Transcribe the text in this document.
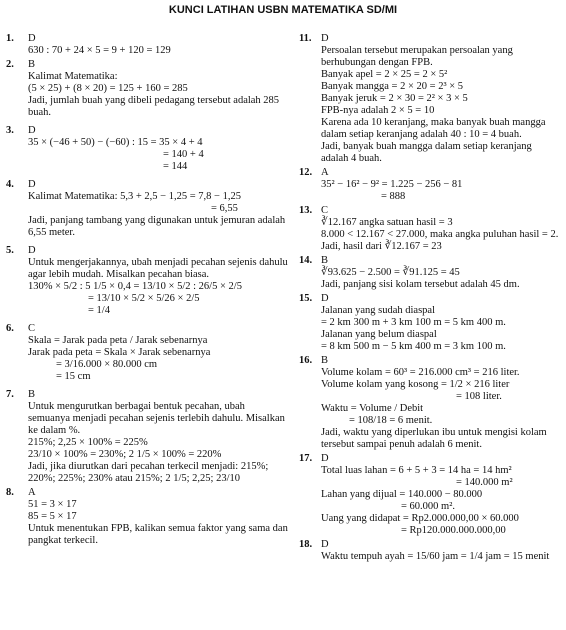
KUNCI LATIHAN USBN MATEMATIKA SD/MI
1. D
630 : 70 + 24 × 5 = 9 + 120 = 129
2. B
Kalimat Matematika:
(5 × 25) + (8 × 20) = 125 + 160 = 285
Jadi, jumlah buah yang dibeli pedagang tersebut adalah 285 buah.
3. D
35 × (−46 + 50) − (−60) : 15 = 35 × 4 + 4
= 140 + 4
= 144
4. D
Kalimat Matematika: 5,3 + 2,5 − 1,25 = 7,8 − 1,25
= 6,55
Jadi, panjang tambang yang digunakan untuk jemuran adalah 6,55 meter.
5. D
Untuk mengerjakannya, ubah menjadi pecahan sejenis dahulu agar lebih mudah. Misalkan pecahan biasa.
130% × 5/2 : 5 1/5 × 0,4 = 13/10 × 5/2 : 26/5 × 2/5
= 13/10 × 5/2 × 5/26 × 2/5
= 1/4
6. C
Skala = Jarak pada peta / Jarak sebenarnya
Jarak pada peta = Skala × Jarak sebenarnya
= 3/16.000 × 80.000 cm
= 15 cm
7. B
Untuk mengurutkan berbagai bentuk pecahan, ubah semuanya menjadi pecahan sejenis terlebih dahulu. Misalkan ke dalam %.
215%; 2,25 × 100% = 225%
23/10 × 100% = 230%; 2 1/5 × 100% = 220%
Jadi, jika diurutkan dari pecahan terkecil menjadi: 215%; 220%; 225%; 230% atau 215%; 2 1/5; 2,25; 23/10
8. A
51 = 3 × 17
85 = 5 × 17
Untuk menentukan FPB, kalikan semua faktor yang sama dan pangkat terkecil.
11. D
Persoalan tersebut merupakan persoalan yang berhubungan dengan FPB.
Banyak apel = 2 × 25 = 2 × 5²
Banyak mangga = 2 × 20 = 2³ × 5
Banyak jeruk = 2 × 30 = 2² × 3 × 5
FPB-nya adalah 2 × 5 = 10
Karena ada 10 keranjang, maka banyak buah mangga dalam setiap keranjang adalah 40 : 10 = 4 buah.
Jadi, banyak buah mangga dalam setiap keranjang adalah 4 buah.
12. A
35² − 16² − 9² = 1.225 − 256 − 81
= 888
13. C
∛12.167 angka satuan hasil = 3
8.000 < 12.167 < 27.000, maka angka puluhan hasil = 2.
Jadi, hasil dari ∛12.167 = 23
14. B
∛93.625 − 2.500 = ∛91.125 = 45
Jadi, panjang sisi kolam tersebut adalah 45 dm.
15. D
Jalanan yang sudah diaspal
= 2 km 300 m + 3 km 100 m = 5 km 400 m.
Jalanan yang belum diaspal
= 8 km 500 m − 5 km 400 m = 3 km 100 m.
16. B
Volume kolam = 60³ = 216.000 cm³ = 216 liter.
Volume kolam yang kosong = 1/2 × 216 liter
= 108 liter.
Waktu = Volume / Debit
= 108/18 = 6 menit.
Jadi, waktu yang diperlukan ibu untuk mengisi kolam tersebut sampai penuh adalah 6 menit.
17. D
Total luas lahan = 6 + 5 + 3 = 14 ha = 14 hm²
= 140.000 m²
Lahan yang dijual = 140.000 − 80.000
= 60.000 m².
Uang yang didapat = Rp2.000.000,00 × 60.000
= Rp120.000.000.000,00
18. D
Waktu tempuh ayah = 15/60 jam = 1/4 jam = 15 menit
